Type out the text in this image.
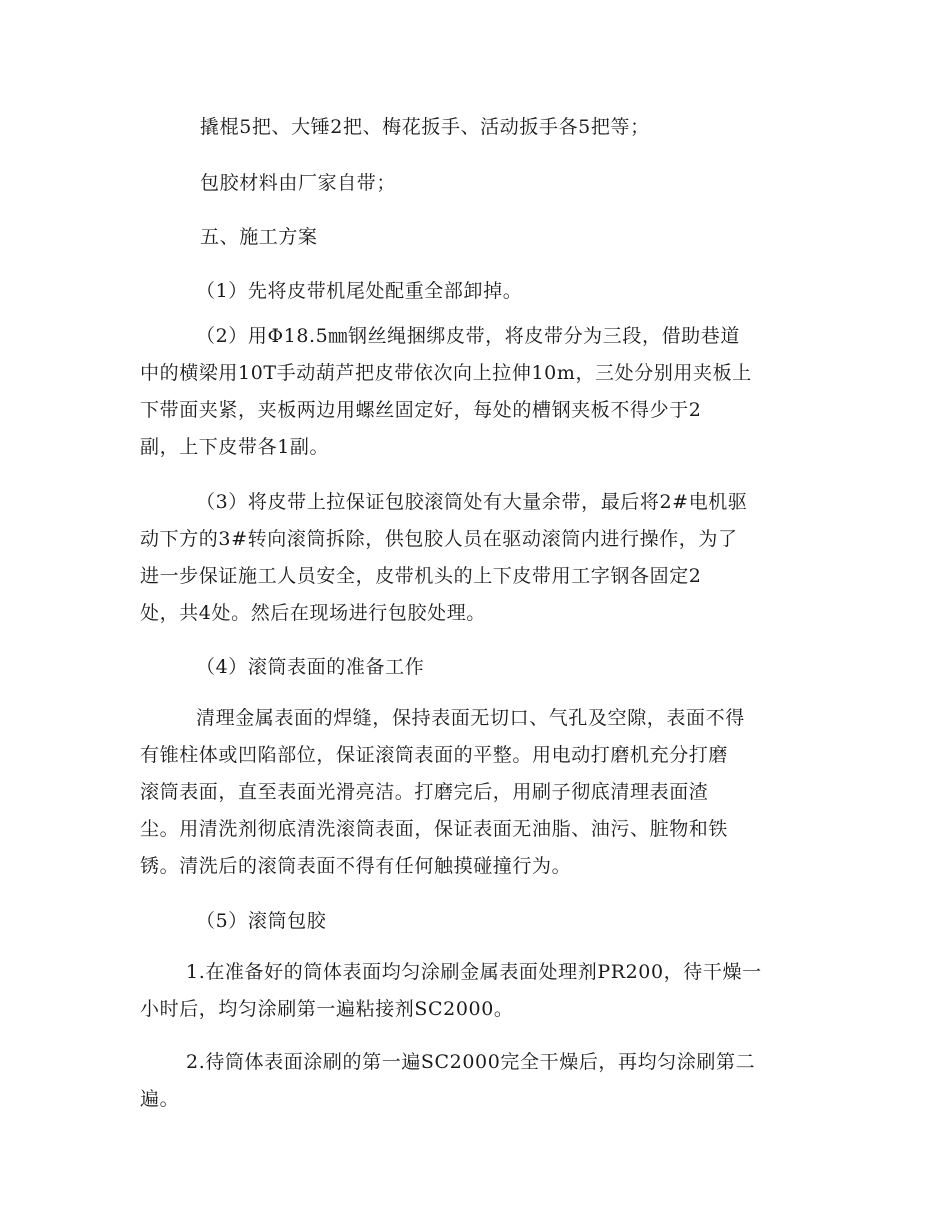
撬棍5把、大锤2把、梅花扳手、活动扳手各5把等；
包胶材料由厂家自带；
五、施工方案
（1）先将皮带机尾处配重全部卸掉。
（2）用Φ18.5㎜钢丝绳捆绑皮带，将皮带分为三段，借助巷道
中的横梁用10T手动葫芦把皮带依次向上拉伸10m，三处分别用夹板上
下带面夹紧，夹板两边用螺丝固定好，每处的槽钢夹板不得少于2
副，上下皮带各1副。
（3）将皮带上拉保证包胶滚筒处有大量余带，最后将2#电机驱
动下方的3#转向滚筒拆除，供包胶人员在驱动滚筒内进行操作，为了
进一步保证施工人员安全，皮带机头的上下皮带用工字钢各固定2
处，共4处。然后在现场进行包胶处理。
（4）滚筒表面的准备工作
清理金属表面的焊缝，保持表面无切口、气孔及空隙，表面不得
有锥柱体或凹陷部位，保证滚筒表面的平整。用电动打磨机充分打磨
滚筒表面，直至表面光滑亮洁。打磨完后，用刷子彻底清理表面渣
尘。用清洗剂彻底清洗滚筒表面，保证表面无油脂、油污、脏物和铁
锈。清洗后的滚筒表面不得有任何触摸碰撞行为。
（5）滚筒包胶
1.在准备好的筒体表面均匀涂刷金属表面处理剂PR200，待干燥一
小时后，均匀涂刷第一遍粘接剂SC2000。
2.待筒体表面涂刷的第一遍SC2000完全干燥后，再均匀涂刷第二
遍。
